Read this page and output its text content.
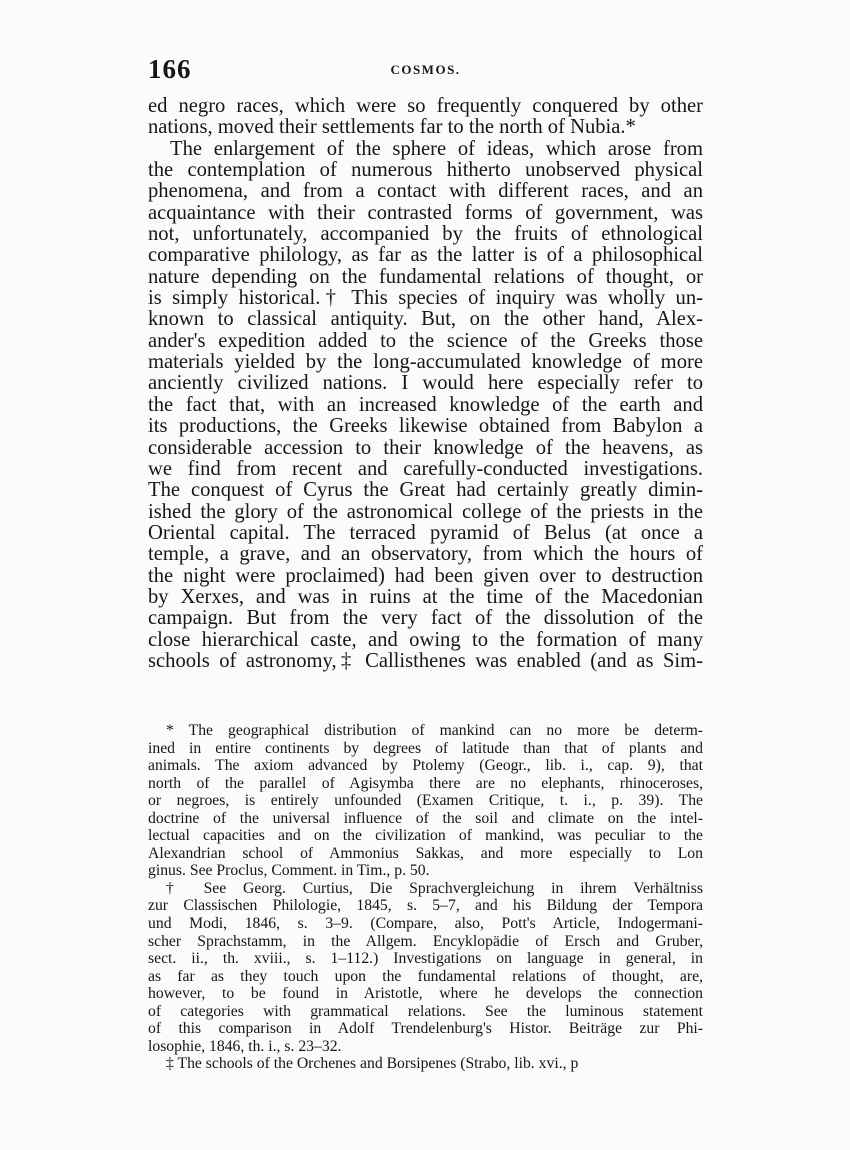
166	COSMOS.
ed negro races, which were so frequently conquered by other
nations, moved their settlements far to the north of Nubia.*
The enlargement of the sphere of ideas, which arose from
the contemplation of numerous hitherto unobserved physical
phenomena, and from a contact with different races, and an
acquaintance with their contrasted forms of government, was
not, unfortunately, accompanied by the fruits of ethnological
comparative philology, as far as the latter is of a philosophical
nature depending on the fundamental relations of thought, or
is simply historical.† This species of inquiry was wholly un-
known to classical antiquity. But, on the other hand, Alex-
ander's expedition added to the science of the Greeks those
materials yielded by the long-accumulated knowledge of more
anciently civilized nations. I would here especially refer to
the fact that, with an increased knowledge of the earth and
its productions, the Greeks likewise obtained from Babylon a
considerable accession to their knowledge of the heavens, as
we find from recent and carefully-conducted investigations.
The conquest of Cyrus the Great had certainly greatly dimin-
ished the glory of the astronomical college of the priests in the
Oriental capital. The terraced pyramid of Belus (at once a
temple, a grave, and an observatory, from which the hours of
the night were proclaimed) had been given over to destruction
by Xerxes, and was in ruins at the time of the Macedonian
campaign. But from the very fact of the dissolution of the
close hierarchical caste, and owing to the formation of many
schools of astronomy,‡ Callisthenes was enabled (and as Sim-
* The geographical distribution of mankind can no more be determ-
ined in entire continents by degrees of latitude than that of plants and
animals. The axiom advanced by Ptolemy (Geogr., lib. i., cap. 9), that
north of the parallel of Agisymba there are no elephants, rhinoceroses,
or negroes, is entirely unfounded (Examen Critique, t. i., p. 39). The
doctrine of the universal influence of the soil and climate on the intel-
lectual capacities and on the civilization of mankind, was peculiar to the
Alexandrian school of Ammonius Sakkas, and more especially to Lon
ginus. See Proclus, Comment. in Tim., p. 50.
† See Georg. Curtius, Die Sprachvergleichung in ihrem Verhältniss
zur Classischen Philologie, 1845, s. 5–7, and his Bildung der Tempora
und Modi, 1846, s. 3–9. (Compare, also, Pott's Article, Indogermani-
scher Sprachstamm, in the Allgem. Encyklopädie of Ersch and Gruber,
sect. ii., th. xviii., s. 1–112.) Investigations on language in general, in
as far as they touch upon the fundamental relations of thought, are,
however, to be found in Aristotle, where he develops the connection
of categories with grammatical relations. See the luminous statement
of this comparison in Adolf Trendelenburg's Histor. Beiträge zur Phi-
losophie, 1846, th. i., s. 23–32.
‡ The schools of the Orchenes and Borsipenes (Strabo, lib. xvi., p
